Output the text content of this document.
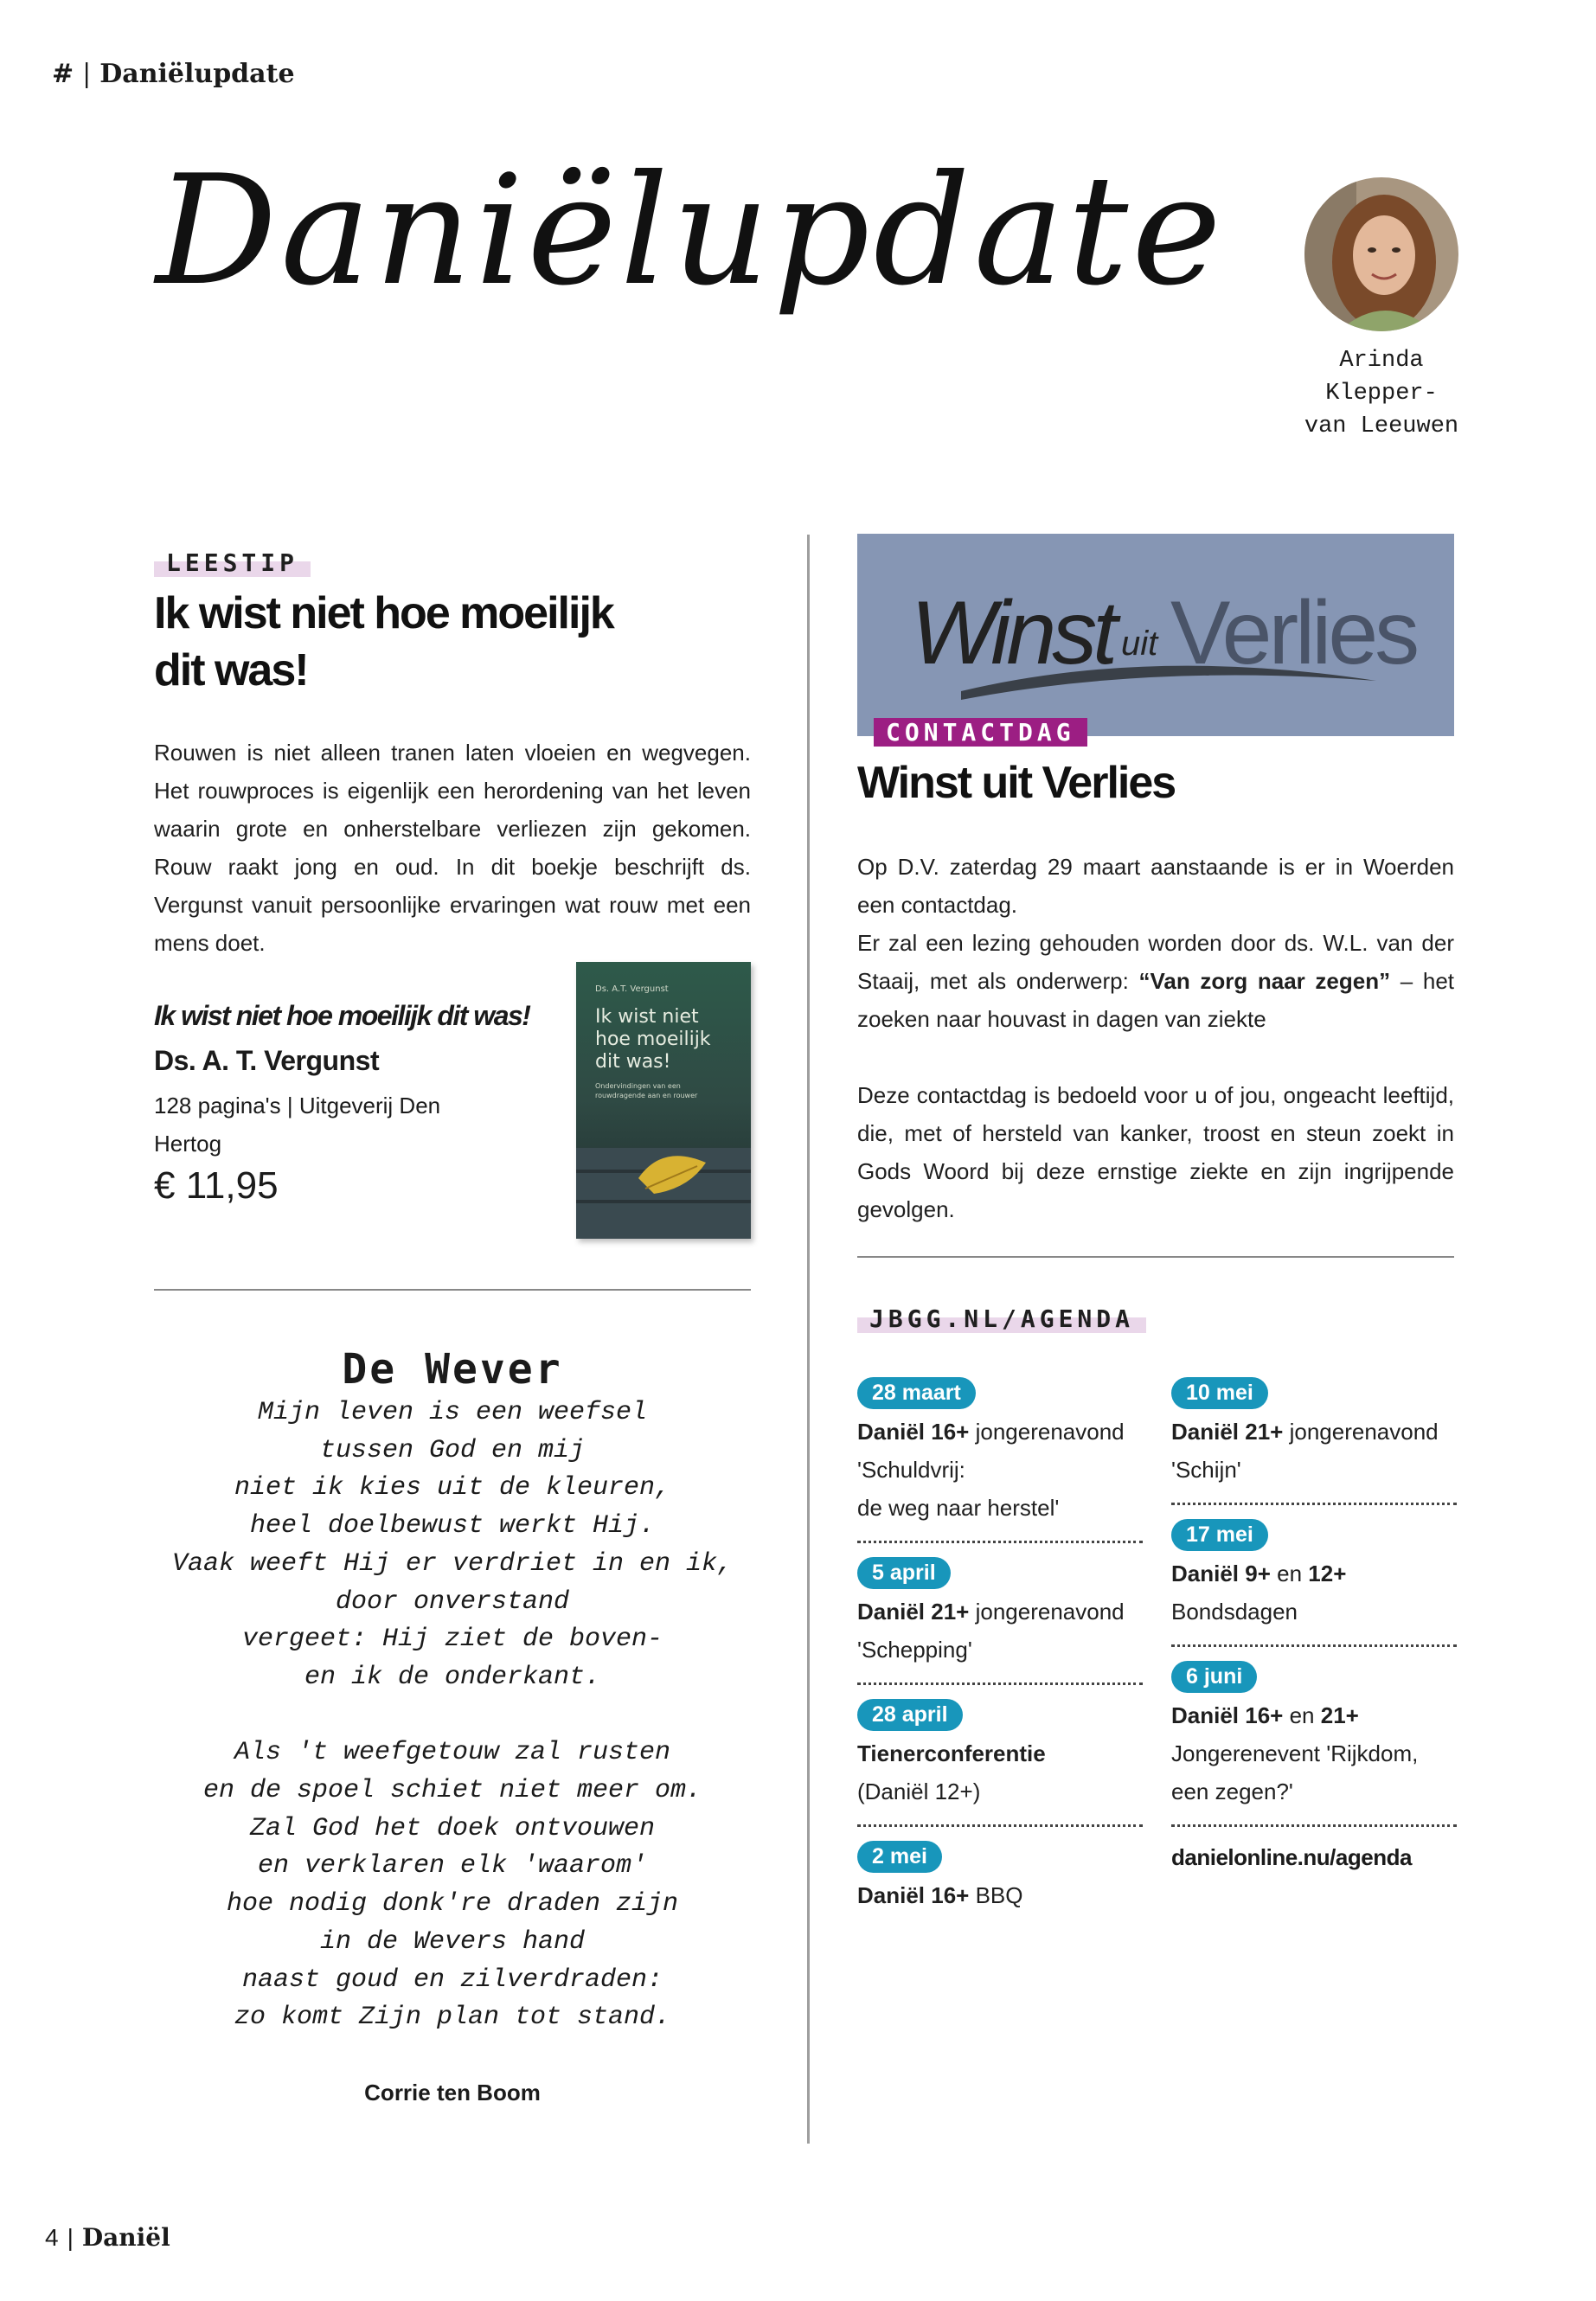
# | Daniëlupdate
Daniëlupdate
Arinda
Klepper-
van Leeuwen
LEESTIP
Ik wist niet hoe moeilijk dit was!
Rouwen is niet alleen tranen laten vloeien en wegvegen. Het rouwproces is eigenlijk een herordening van het leven waarin grote en onherstelbare verliezen zijn gekomen. Rouw raakt jong en oud. In dit boekje beschrijft ds. Vergunst vanuit persoonlijke ervaringen wat rouw met een mens doet.
Ik wist niet hoe moeilijk dit was!
Ds. A. T. Vergunst
128 pagina's | Uitgeverij Den Hertog
€ 11,95
Ds. A.T. Vergunst
Ik wist niet
hoe moeilijk
dit was!
Ondervindingen van een
rouwdragende aan en rouwer
De Wever
Mijn leven is een weefsel
tussen God en mij
niet ik kies uit de kleuren,
heel doelbewust werkt Hij.
Vaak weeft Hij er verdriet in en ik,
door onverstand
vergeet: Hij ziet de boven-
en ik de onderkant.

Als 't weefgetouw zal rusten
en de spoel schiet niet meer om.
Zal God het doek ontvouwen
en verklaren elk 'waarom'
hoe nodig donk're draden zijn
in de Wevers hand
naast goud en zilverdraden:
zo komt Zijn plan tot stand.
Corrie ten Boom
Winst uit Verlies
CONTACTDAG
Winst uit Verlies
Op D.V. zaterdag 29 maart aanstaande is er in Woerden een contactdag.
Er zal een lezing gehouden worden door ds. W.L. van der Staaij, met als onderwerp: “Van zorg naar zegen” – het zoeken naar houvast in dagen van ziekte
Deze contactdag is bedoeld voor u of jou, ongeacht leeftijd, die, met of hersteld van kanker, troost en steun zoekt in Gods Woord bij deze ernstige ziekte en zijn ingrijpende gevolgen.
JBGG.NL/AGENDA
28 maart
Daniël 16+ jongerenavond
'Schuldvrij:
de weg naar herstel'
5 april
Daniël 21+ jongerenavond
'Schepping'
28 april
Tienerconferentie
(Daniël 12+)
2 mei
Daniël 16+ BBQ
10 mei
Daniël 21+ jongerenavond
'Schijn'
17 mei
Daniël 9+ en 12+
Bondsdagen
6 juni
Daniël 16+ en 21+
Jongerenevent 'Rijkdom,
een zegen?'
danielonline.nu/agenda
4 | Daniël
